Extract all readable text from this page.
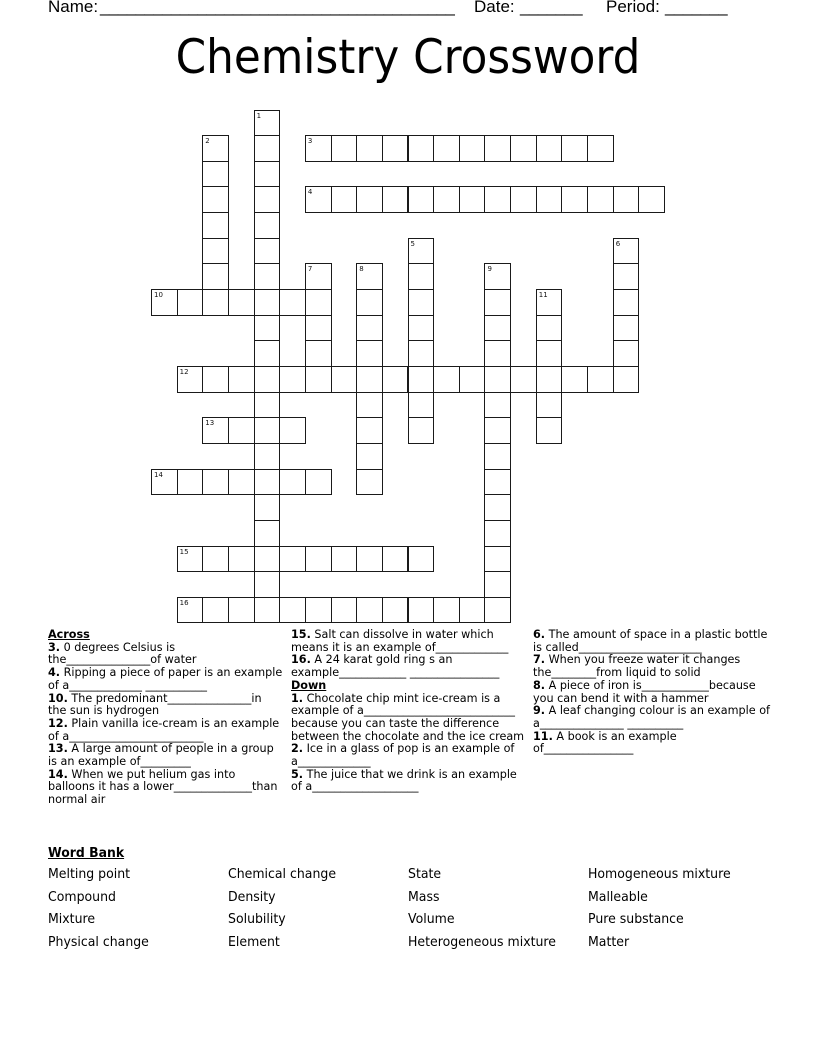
Name:

________________________________________

Date:

_______

Period:

_______

Chemistry Crossword
1
2	3
4
5	6
7	8	9
10	11
12
13
14
15
16

Across

3. 0 degrees Celsius is the_______________of water

4. Ripping a piece of paper is an example of a_____________ ___________

10. The predominant_______________in the sun is hydrogen

12. Plain vanilla ice-cream is an example of a________________________

13. A large amount of people in a group is an example of_________

14. When we put helium gas into balloons it has a lower______________than normal air

15. Salt can dissolve in water which means it is an example of_____________

16. A 24 karat gold ring s an example____________ ________________

Down

1. Chocolate chip mint ice-cream is a example of a___________________________ because you can taste the difference between the chocolate and the ice cream

2. Ice in a glass of pop is an example of a_____________

5. The juice that we drink is an example of a___________________

6. The amount of space in a plastic bottle is called______________________

7. When you freeze water it changes the________from liquid to solid

8. A piece of iron is____________because you can bend it with a hammer

9. A leaf changing colour is an example of a_______________ __________

11. A book is an example of________________

Word Bank
Melting point	Chemical change	State	Homogeneous mixture
Compound	Density	Mass	Malleable
Mixture	Solubility	Volume	Pure substance
Physical change	Element	Heterogeneous mixture	Matter
